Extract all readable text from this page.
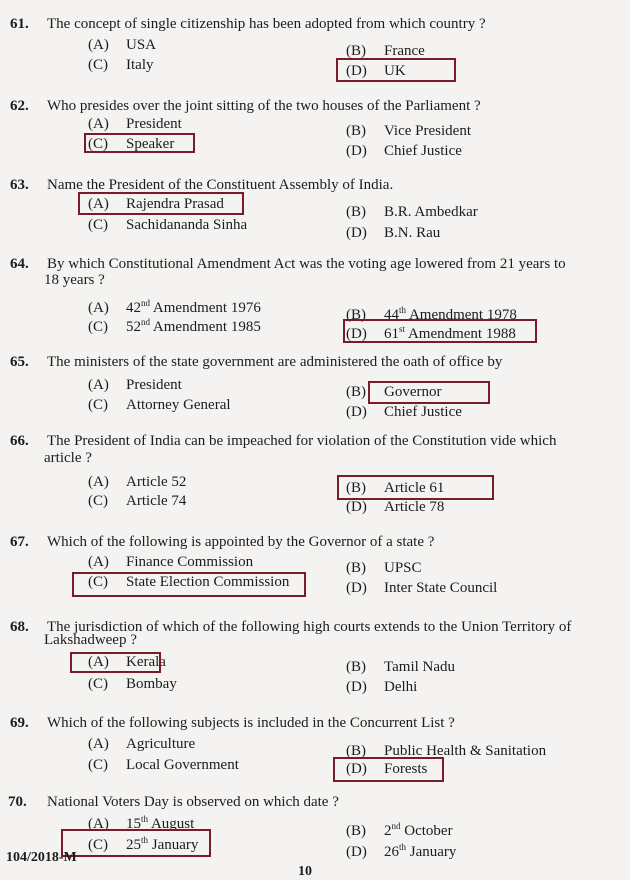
61. The concept of single citizenship has been adopted from which country ?
(A) USA	(B) France
(C) Italy	(D) UK
62. Who presides over the joint sitting of the two houses of the Parliament ?
(A) President	(B) Vice President
(C) Speaker	(D) Chief Justice
63. Name the President of the Constituent Assembly of India.
(A) Rajendra Prasad	(B) B.R. Ambedkar
(C) Sachidananda Sinha	(D) B.N. Rau
64. By which Constitutional Amendment Act was the voting age lowered from 21 years to
18 years ?
(A) 42nd Amendment 1976	(B) 44th Amendment 1978
(C) 52nd Amendment 1985	(D) 61st Amendment 1988
65. The ministers of the state government are administered the oath of office by
(A) President	(B) Governor
(C) Attorney General	(D) Chief Justice
66. The President of India can be impeached for violation of the Constitution vide which
article ?
(A) Article 52	(B) Article 61
(C) Article 74	(D) Article 78
67. Which of the following is appointed by the Governor of a state ?
(A) Finance Commission	(B) UPSC
(C) State Election Commission	(D) Inter State Council
68. The jurisdiction of which of the following high courts extends to the Union Territory of
Lakshadweep ?
(A) Kerala	(B) Tamil Nadu
(C) Bombay	(D) Delhi
69. Which of the following subjects is included in the Concurrent List ?
(A) Agriculture	(B) Public Health & Sanitation
(C) Local Government	(D) Forests
70. National Voters Day is observed on which date ?
(A) 15th August	(B) 2nd October
(C) 25th January	(D) 26th January
104/2018-M
10
